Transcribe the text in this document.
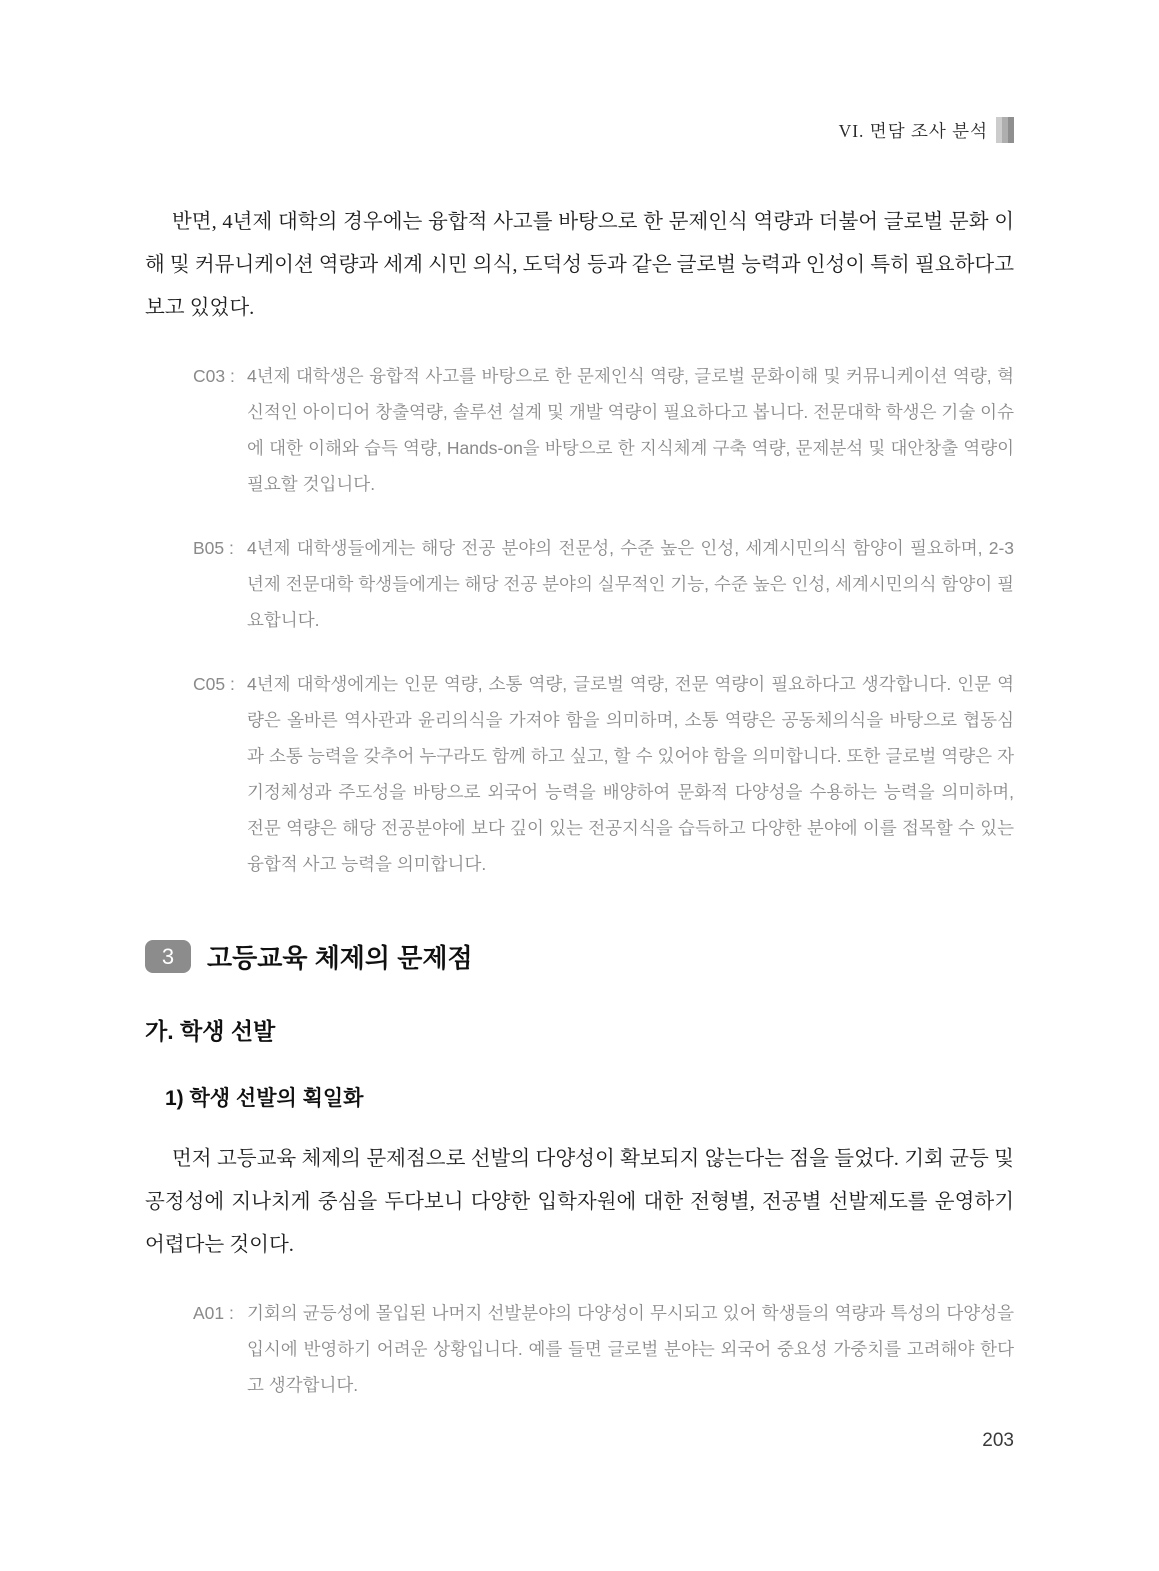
VI. 면담 조사 분석

반면, 4년제 대학의 경우에는 융합적 사고를 바탕으로 한 문제인식 역량과 더불어 글로벌 문화 이해 및 커뮤니케이션 역량과 세계 시민 의식, 도덕성 등과 같은 글로벌 능력과 인성이 특히 필요하다고 보고 있었다.

C03 : 4년제 대학생은 융합적 사고를 바탕으로 한 문제인식 역량, 글로벌 문화이해 및 커뮤니케이션 역량, 혁신적인 아이디어 창출역량, 솔루션 설계 및 개발 역량이 필요하다고 봅니다. 전문대학 학생은 기술 이슈에 대한 이해와 습득 역량, Hands-on을 바탕으로 한 지식체계 구축 역량, 문제분석 및 대안창출 역량이 필요할 것입니다.
B05 : 4년제 대학생들에게는 해당 전공 분야의 전문성, 수준 높은 인성, 세계시민의식 함양이 필요하며, 2-3년제 전문대학 학생들에게는 해당 전공 분야의 실무적인 기능, 수준 높은 인성, 세계시민의식 함양이 필요합니다.
C05 : 4년제 대학생에게는 인문 역량, 소통 역량, 글로벌 역량, 전문 역량이 필요하다고 생각합니다. 인문 역량은 올바른 역사관과 윤리의식을 가져야 함을 의미하며, 소통 역량은 공동체의식을 바탕으로 협동심과 소통 능력을 갖추어 누구라도 함께 하고 싶고, 할 수 있어야 함을 의미합니다. 또한 글로벌 역량은 자기정체성과 주도성을 바탕으로 외국어 능력을 배양하여 문화적 다양성을 수용하는 능력을 의미하며, 전문 역량은 해당 전공분야에 보다 깊이 있는 전공지식을 습득하고 다양한 분야에 이를 접목할 수 있는 융합적 사고 능력을 의미합니다.
3	고등교육 체제의 문제점
가. 학생 선발
1) 학생 선발의 획일화

먼저 고등교육 체제의 문제점으로 선발의 다양성이 확보되지 않는다는 점을 들었다. 기회 균등 및 공정성에 지나치게 중심을 두다보니 다양한 입학자원에 대한 전형별, 전공별 선발제도를 운영하기 어렵다는 것이다.

A01 : 기회의 균등성에 몰입된 나머지 선발분야의 다양성이 무시되고 있어 학생들의 역량과 특성의 다양성을 입시에 반영하기 어려운 상황입니다. 예를 들면 글로벌 분야는 외국어 중요성 가중치를 고려해야 한다고 생각합니다.
203
